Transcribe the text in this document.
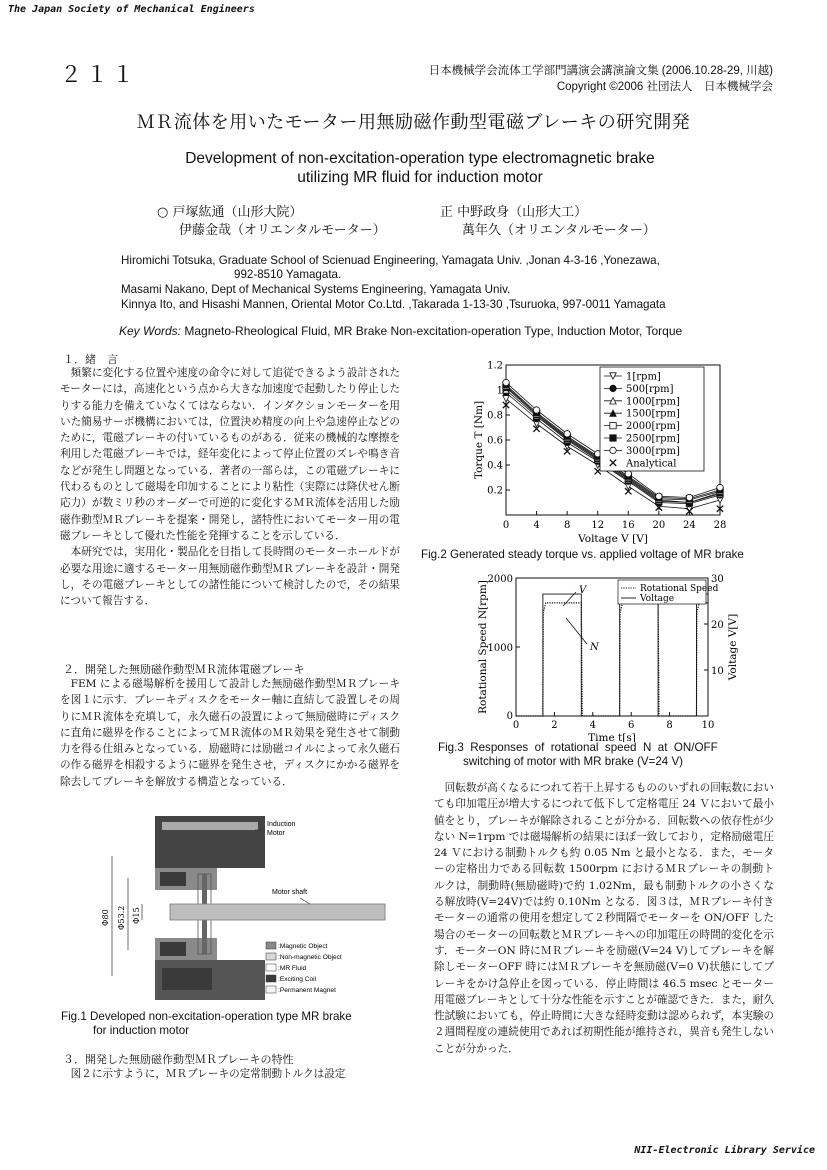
The Japan Society of Mechanical Engineers
２１１	日本機械学会流体工学部門講演会講演論文集 (2006.10.28-29, 川越)
Copyright ©2006 社団法人　日本機械学会
ＭＲ流体を用いたモーター用無励磁作動型電磁ブレーキの研究開発
Development of non-excitation-operation type electromagnetic brake
utilizing MR fluid for induction motor
○ 戸塚紘通（山形大院）
伊藤金哉（オリエンタルモーター）
正 中野政身（山形大工）
萬年久（オリエンタルモーター）
Hiromichi Totsuka, Graduate School of Scienuad Engineering, Yamagata Univ. ,Jonan 4-3-16 ,Yonezawa,
992-8510 Yamagata.
Masami Nakano, Dept of Mechanical Systems Engineering, Yamagata Univ.
Kinnya Ito, and Hisashi Mannen, Oriental Motor Co.Ltd. ,Takarada 1-13-30 ,Tsuruoka, 997-0011 Yamagata
Key Words: Magneto-Rheological Fluid, MR Brake Non-excitation-operation Type, Induction Motor, Torque
１．緒　言

頻繁に変化する位置や速度の命令に対して追従できるよう設計されたモーターには，高速化という点から大きな加速度で起動したり停止したりする能力を備えていなくてはならない．インダクションモーターを用いた簡易サーボ機構においては，位置決め精度の向上や急速停止などのために，電磁ブレーキの付いているものがある．従来の機械的な摩擦を利用した電磁ブレーキでは，経年変化によって停止位置のズレや鳴き音などが発生し問題となっている．著者の一部らは，この電磁ブレーキに代わるものとして磁場を印加することにより粘性（実際には降伏せん断応力）が数ミリ秒のオーダーで可逆的に変化するＭＲ流体を活用した励磁作動型ＭＲブレーキを提案・開発し，諸特性においてモーター用の電磁ブレーキとして優れた性能を発揮することを示している．

本研究では，実用化・製品化を目指して長時間のモーターホールドが必要な用途に適するモーター用無励磁作動型ＭＲブレーキを設計・開発し，その電磁ブレーキとしての諸性能について検討したので，その結果について報告する．

２．開発した無励磁作動型ＭＲ流体電磁ブレーキ

FEM による磁場解析を援用して設計した無励磁作動型ＭＲブレーキを図１に示す．ブレーキディスクをモーター軸に直結して設置しその周りにＭＲ流体を充填して，永久磁石の設置によって無励磁時にディスクに直角に磁界を作ることによってＭＲ流体のＭＲ効果を発生させて制動力を得る仕組みとなっている．励磁時には励磁コイルによって永久磁石の作る磁界を相殺するように磁界を発生させ，ディスクにかかる磁界を除去してブレーキを解放する構造となっている．

Φ80 Φ53.2 Φ15
Induction
Motor
Motor shaft
:Magnetic Object
:Non-magnetic Object
:MR Fluid
:Exciting Coil
:Permanent Magnet
Fig.1 Developed non-excitation-operation type MR brake
for induction motor
３．開発した無励磁作動型ＭＲブレーキの特性

図２に示すように，ＭＲブレーキの定常制動トルクは設定

0 4 8 12 16 20 24 28
0.2
0.4
0.6
0.8
1
1.2
Voltage V [V]
Torque T [Nm]
1[rpm]
500[rpm]
1000[rpm]
1500[rpm]
2000[rpm]
2500[rpm]
3000[rpm]
Analytical
Fig.2 Generated steady torque vs. applied voltage of MR brake
0	2	4	6	8	10
0
1000
2000
10
20
30
Time t[s]
Rotational Speed N[rpm]	Voltage V[V]
Rotational Speed
Voltage
V
N
Fig.3  Responses  of  rotational  speed  N  at  ON/OFF
switching of motor with MR brake (V=24 V)

回転数が高くなるにつれて若干上昇するもののいずれの回転数においても印加電圧が増大するにつれて低下して定格電圧 24 Ｖにおいて最小値をとり，ブレーキが解除されることが分かる．回転数への依存性が少ない N=1rpm では磁場解析の結果にほぼ一致しており，定格励磁電圧 24 Ｖにおける制動トルクも約 0.05 Nm と最小となる．また，モーターの定格出力である回転数 1500rpm におけるＭＲブレーキの制動トルクは，制動時(無励磁時)で約 1.02Nm，最も制動トルクの小さくなる解放時(V=24V)では約 0.10Nm となる．図３は，ＭＲブレーキ付きモーターの通常の使用を想定して２秒間隔でモーターを ON/OFF した場合のモーターの回転数とＭＲブレーキへの印加電圧の時間的変化を示す．モーターON 時にＭＲブレーキを励磁(V=24 V)してブレーキを解除しモーターOFF 時にはＭＲブレーキを無励磁(V=0 V)状態にしてブレーキをかけ急停止を図っている．停止時間は 46.5 msec とモーター用電磁ブレーキとして十分な性能を示すことが確認できた．また，耐久性試験においても，停止時間に大きな経時変動は認められず，本実験の２週間程度の連続使用であれば初期性能が維持され，異音も発生しないことが分かった．

NII-Electronic Library Service
